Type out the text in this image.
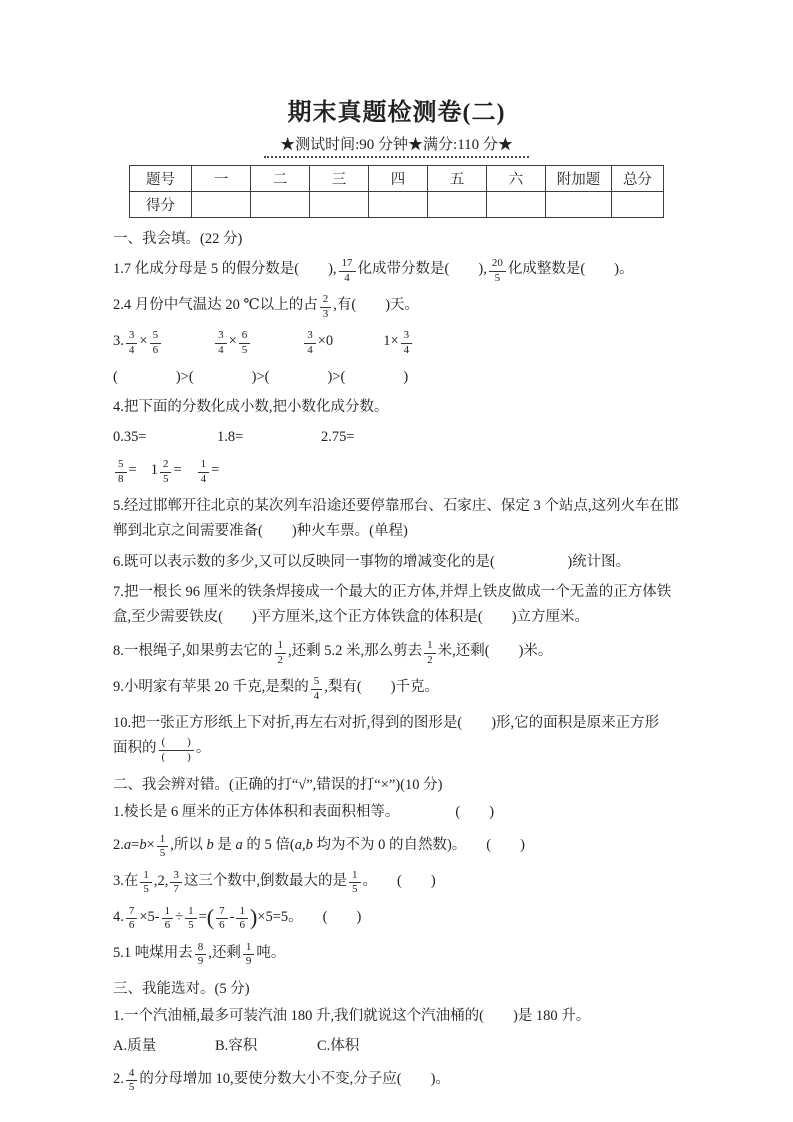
期末真题检测卷(二)
★测试时间:90 分钟★满分:110 分★
题号	一	二	三	四	五	六	附加题	总分
得分								
一、我会填。(22 分)
1.7 化成分母是 5 的假分数是(　　), $\frac{17}{4}$ 化成带分数是(　　), $\frac{20}{5}$ 化成整数是(　　)。
2.4 月份中气温达 20 ℃以上的占 $\frac{2}{3}$ ,有(　　)天。
3. $\frac{3}{4} \times \frac{5}{6}$	$\frac{3}{4} \times \frac{6}{5}$	$\frac{3}{4} \times 0$	$1\times \frac{3}{4}$
(　　　　)>(　　　　)>(　　　　)>(　　　　)
4.把下面的分数化成小数,把小数化成分数。
0.35=	1.8=	2.75=
$\frac{5}{8} = 1 \frac{2}{5} = \frac{1}{4}$ =
5.经过邯郸开往北京的某次列车沿途还要停靠邢台、石家庄、保定 3 个站点,这列火车在邯
郸到北京之间需要准备(　　)种火车票。(单程)
6.既可以表示数的多少,又可以反映同一事物的增减变化的是(　　　　　)统计图。
7.把一根长 96 厘米的铁条焊接成一个最大的正方体,并焊上铁皮做成一个无盖的正方体铁
盒,至少需要铁皮(　　)平方厘米,这个正方体铁盒的体积是(　　)立方厘米。
8.一根绳子,如果剪去它的 $\frac{1}{2}$ ,还剩 5.2 米,那么剪去 $\frac{1}{2}$ 米,还剩(　　)米。
9.小明家有苹果 20 千克,是梨的 $\frac{5}{4}$ ,梨有(　　)千克。
10.把一张正方形纸上下对折,再左右对折,得到的图形是(　　)形,它的面积是原来正方形
面积的 $\frac{( )}{( )}$ 。
二、我会辨对错。(正确的打“√”,错误的打“×”)(10 分)
1.棱长是 6 厘米的正方体体积和表面积相等。	(　　)
$2.a=b\times \frac{1}{5}$ ,所以 b 是 a 的 5 倍(a,b 均为不为 0 的自然数)。 (　　)
3.在 $\frac{1}{5} ,2$, $\frac{3}{7}$ 这三个数中,倒数最大的是 $\frac{1}{5}$ 。 (　　)
4. $\frac{7}{6} \times 5- \frac{1}{6} \div \frac{1}{5}$ =( $\frac{7}{6} - \frac{1}{6} )\times 5=5$。 (　　)
5.1 吨煤用去 $\frac{8}{9}$ ,还剩 $\frac{1}{9}$ 吨。
三、我能选对。(5 分)
1.一个汽油桶,最多可装汽油 180 升,我们就说这个汽油桶的(　　)是 180 升。
A.质量	B.容积	C.体积
2. $\frac{4}{5}$ 的分母增加 10,要使分数大小不变,分子应(　　)。
